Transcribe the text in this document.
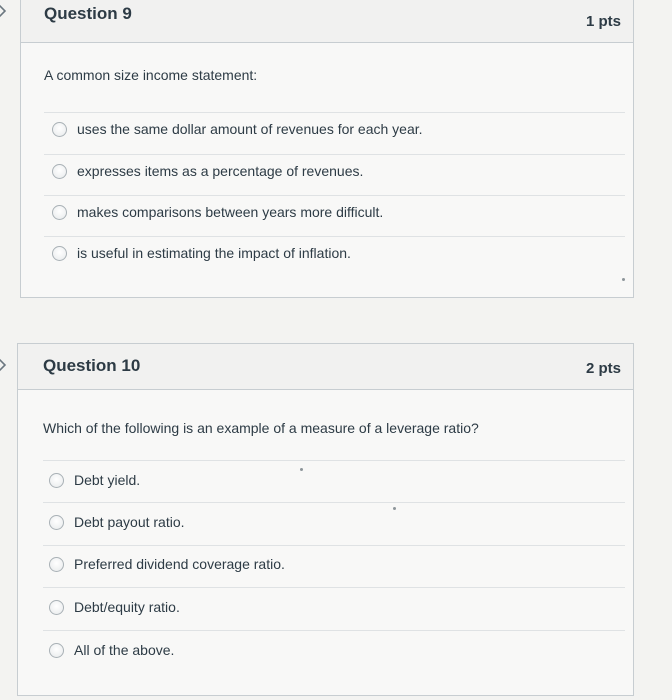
Question 9	1 pts
A common size income statement:
uses the same dollar amount of revenues for each year.
expresses items as a percentage of revenues.
makes comparisons between years more difficult.
is useful in estimating the impact of inflation.
Question 10	2 pts
Which of the following is an example of a measure of a leverage ratio?
Debt yield.
Debt payout ratio.
Preferred dividend coverage ratio.
Debt/equity ratio.
All of the above.
